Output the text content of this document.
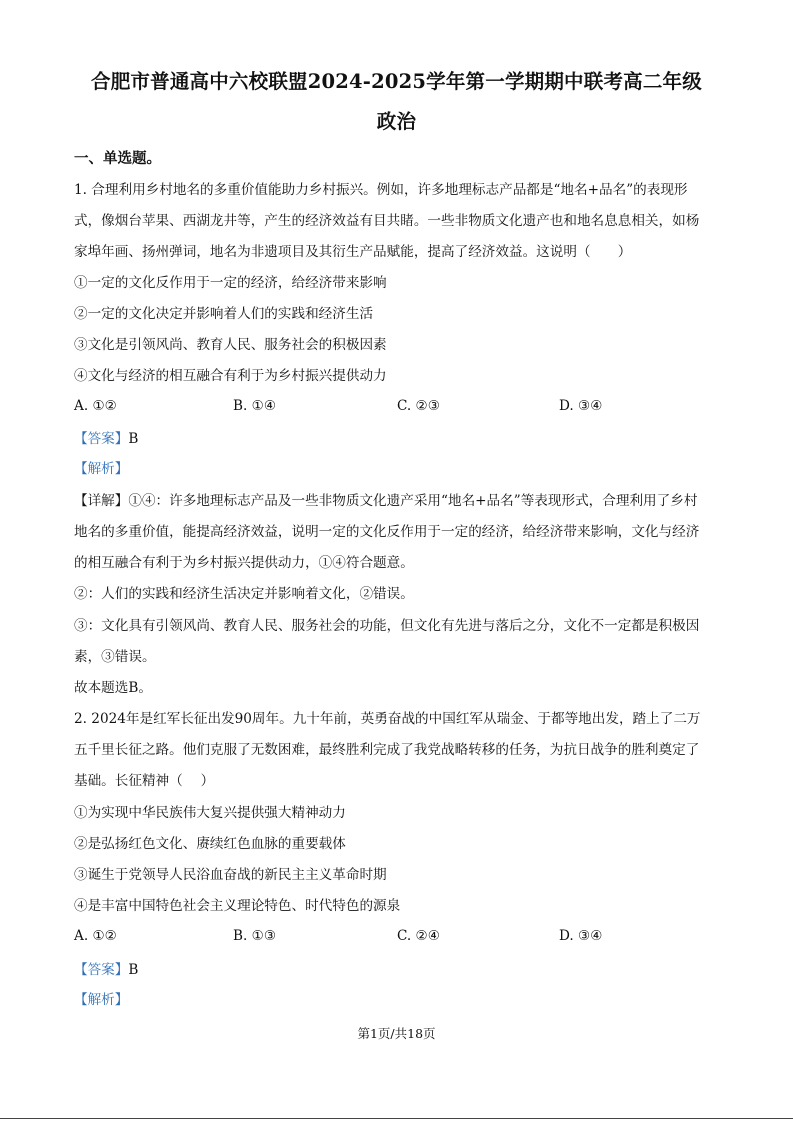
合肥市普通高中六校联盟2024-2025学年第一学期期中联考高二年级
政治
一、单选题。
1. 合理利用乡村地名的多重价值能助力乡村振兴。例如，许多地理标志产品都是“地名+品名”的表现形
式，像烟台苹果、西湖龙井等，产生的经济效益有目共睹。一些非物质文化遗产也和地名息息相关，如杨
家埠年画、扬州弹词，地名为非遗项目及其衍生产品赋能，提高了经济效益。这说明（　　）
①一定的文化反作用于一定的经济，给经济带来影响
②一定的文化决定并影响着人们的实践和经济生活
③文化是引领风尚、教育人民、服务社会的积极因素
④文化与经济的相互融合有利于为乡村振兴提供动力
A. ①②	B. ①④	C. ②③	D. ③④
【答案】B
【解析】
【详解】①④：许多地理标志产品及一些非物质文化遗产采用“地名+品名”等表现形式，合理利用了乡村
地名的多重价值，能提高经济效益，说明一定的文化反作用于一定的经济，给经济带来影响，文化与经济
的相互融合有利于为乡村振兴提供动力，①④符合题意。
②：人们的实践和经济生活决定并影响着文化，②错误。
③：文化具有引领风尚、教育人民、服务社会的功能，但文化有先进与落后之分，文化不一定都是积极因
素，③错误。
故本题选B。
2. 2024年是红军长征出发90周年。九十年前，英勇奋战的中国红军从瑞金、于都等地出发，踏上了二万
五千里长征之路。他们克服了无数困难，最终胜利完成了我党战略转移的任务，为抗日战争的胜利奠定了
基础。长征精神（　 ）
①为实现中华民族伟大复兴提供强大精神动力
②是弘扬红色文化、赓续红色血脉的重要载体
③诞生于党领导人民浴血奋战的新民主主义革命时期
④是丰富中国特色社会主义理论特色、时代特色的源泉
A. ①②	B. ①③	C. ②④	D. ③④
【答案】B
【解析】
第1页/共18页
